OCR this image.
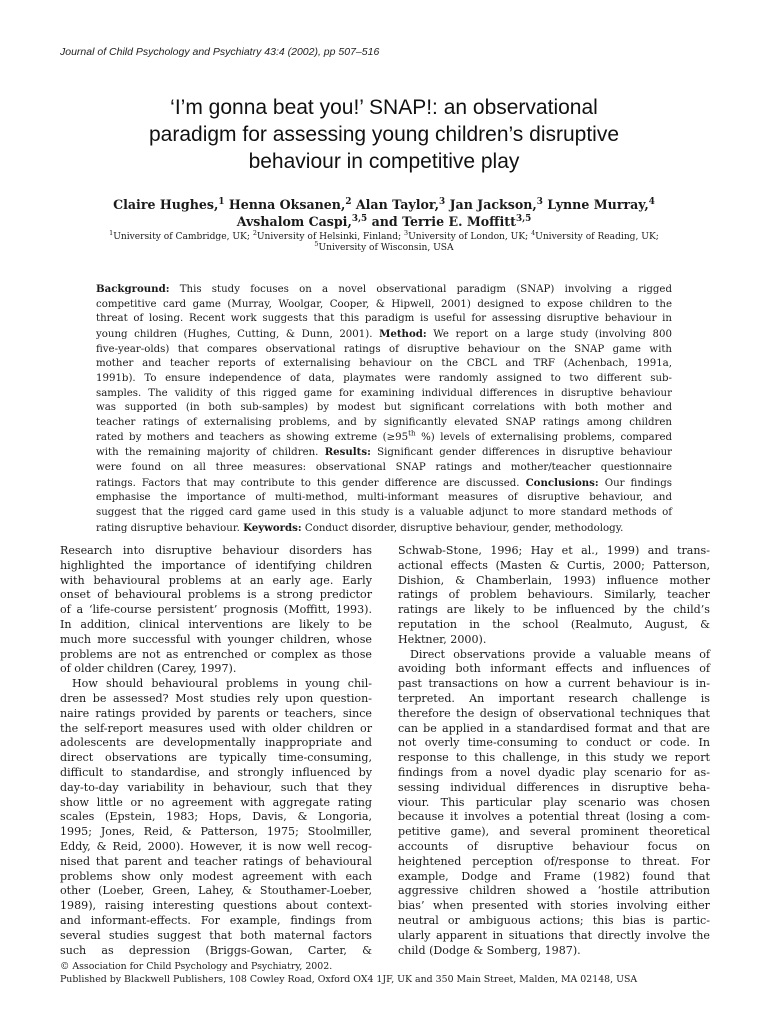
Journal of Child Psychology and Psychiatry 43:4 (2002), pp 507–516
‘I’m gonna beat you!’ SNAP!: an observational
paradigm for assessing young children’s disruptive
behaviour in competitive play
Claire Hughes,$^1$ Henna Oksanen,$^2$ Alan Taylor,$^3$ Jan Jackson,$^3$ Lynne Murray,$^4$
Avshalom Caspi,$^{3,5}$ and Terrie E. Moffitt$^{3,5}$
$^1$University of Cambridge, UK; $^2$University of Helsinki, Finland; $^3$University of London, UK; $^4$University of Reading, UK;
$^5$University of Wisconsin, USA
Background: This study focuses on a novel observational paradigm (SNAP) involving a rigged
competitive card game (Murray, Woolgar, Cooper, & Hipwell, 2001) designed to expose children to the
threat of losing. Recent work suggests that this paradigm is useful for assessing disruptive behaviour in
young children (Hughes, Cutting, & Dunn, 2001). Method: We report on a large study (involving 800
five-year-olds) that compares observational ratings of disruptive behaviour on the SNAP game with
mother and teacher reports of externalising behaviour on the CBCL and TRF (Achenbach, 1991a,
1991b). To ensure independence of data, playmates were randomly assigned to two different sub-
samples. The validity of this rigged game for examining individual differences in disruptive behaviour
was supported (in both sub-samples) by modest but significant correlations with both mother and
teacher ratings of externalising problems, and by significantly elevated SNAP ratings among children
rated by mothers and teachers as showing extreme (≥95th %) levels of externalising problems, compared
with the remaining majority of children. Results: Significant gender differences in disruptive behaviour
were found on all three measures: observational SNAP ratings and mother/teacher questionnaire
ratings. Factors that may contribute to this gender difference are discussed. Conclusions: Our findings
emphasise the importance of multi-method, multi-informant measures of disruptive behaviour, and
suggest that the rigged card game used in this study is a valuable adjunct to more standard methods of
rating disruptive behaviour. Keywords: Conduct disorder, disruptive behaviour, gender, methodology.
Research into disruptive behaviour disorders has
highlighted the importance of identifying children
with behavioural problems at an early age. Early
onset of behavioural problems is a strong predictor
of a ‘life-course persistent’ prognosis (Moffitt, 1993).
In addition, clinical interventions are likely to be
much more successful with younger children, whose
problems are not as entrenched or complex as those
of older children (Carey, 1997).
How should behavioural problems in young chil-
dren be assessed? Most studies rely upon question-
naire ratings provided by parents or teachers, since
the self-report measures used with older children or
adolescents are developmentally inappropriate and
direct observations are typically time-consuming,
difficult to standardise, and strongly influenced by
day-to-day variability in behaviour, such that they
show little or no agreement with aggregate rating
scales (Epstein, 1983; Hops, Davis, & Longoria,
1995; Jones, Reid, & Patterson, 1975; Stoolmiller,
Eddy, & Reid, 2000). However, it is now well recog-
nised that parent and teacher ratings of behavioural
problems show only modest agreement with each
other (Loeber, Green, Lahey, & Stouthamer-Loeber,
1989), raising interesting questions about context-
and informant-effects. For example, findings from
several studies suggest that both maternal factors
such as depression (Briggs-Gowan, Carter, &
Schwab-Stone, 1996; Hay et al., 1999) and trans-
actional effects (Masten & Curtis, 2000; Patterson,
Dishion, & Chamberlain, 1993) influence mother
ratings of problem behaviours. Similarly, teacher
ratings are likely to be influenced by the child’s
reputation in the school (Realmuto, August, &
Hektner, 2000).
Direct observations provide a valuable means of
avoiding both informant effects and influences of
past transactions on how a current behaviour is in-
terpreted. An important research challenge is
therefore the design of observational techniques that
can be applied in a standardised format and that are
not overly time-consuming to conduct or code. In
response to this challenge, in this study we report
findings from a novel dyadic play scenario for as-
sessing individual differences in disruptive beha-
viour. This particular play scenario was chosen
because it involves a potential threat (losing a com-
petitive game), and several prominent theoretical
accounts of disruptive behaviour focus on
heightened perception of/response to threat. For
example, Dodge and Frame (1982) found that
aggressive children showed a ‘hostile attribution
bias’ when presented with stories involving either
neutral or ambiguous actions; this bias is partic-
ularly apparent in situations that directly involve the
child (Dodge & Somberg, 1987).
© Association for Child Psychology and Psychiatry, 2002.
Published by Blackwell Publishers, 108 Cowley Road, Oxford OX4 1JF, UK and 350 Main Street, Malden, MA 02148, USA
